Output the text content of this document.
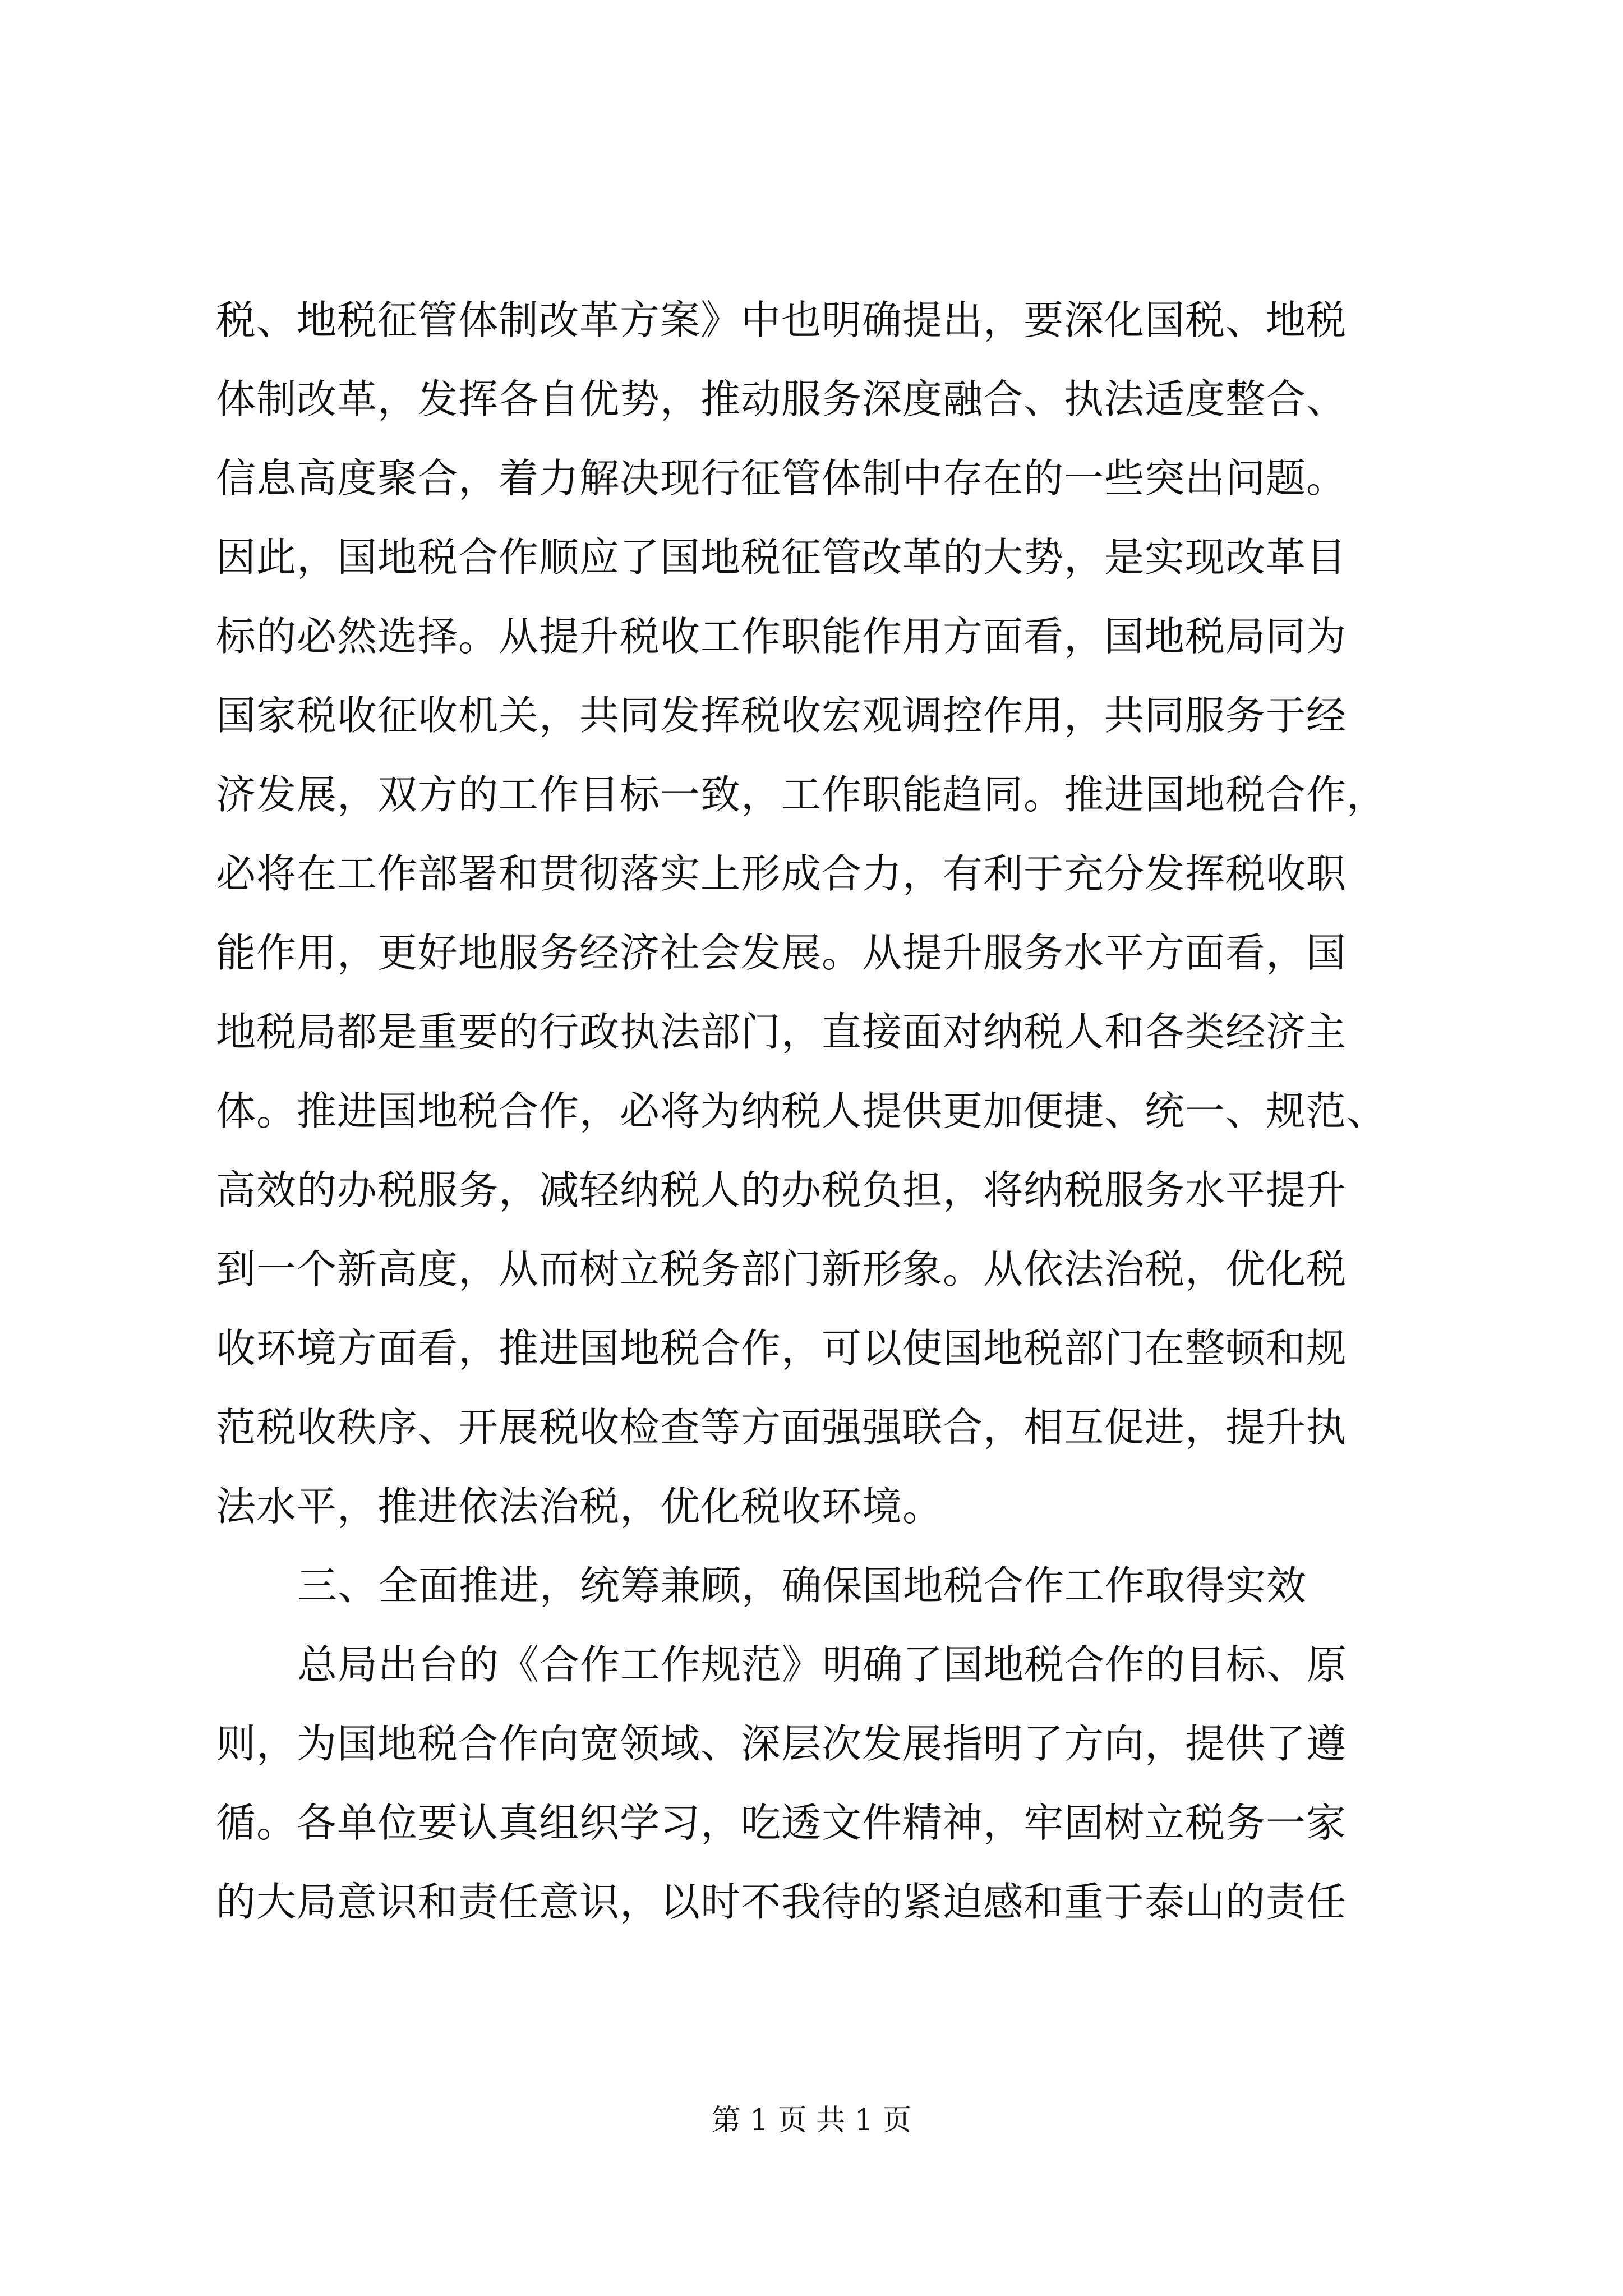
税、地税征管体制改革方案》中也明确提出，要深化国税、地税
体制改革，发挥各自优势，推动服务深度融合、执法适度整合、
信息高度聚合，着力解决现行征管体制中存在的一些突出问题。
因此，国地税合作顺应了国地税征管改革的大势，是实现改革目
标的必然选择。从提升税收工作职能作用方面看，国地税局同为
国家税收征收机关，共同发挥税收宏观调控作用，共同服务于经
济发展，双方的工作目标一致，工作职能趋同。推进国地税合作，
必将在工作部署和贯彻落实上形成合力，有利于充分发挥税收职
能作用，更好地服务经济社会发展。从提升服务水平方面看，国
地税局都是重要的行政执法部门，直接面对纳税人和各类经济主
体。推进国地税合作，必将为纳税人提供更加便捷、统一、规范、
高效的办税服务，减轻纳税人的办税负担，将纳税服务水平提升
到一个新高度，从而树立税务部门新形象。从依法治税，优化税
收环境方面看，推进国地税合作，可以使国地税部门在整顿和规
范税收秩序、开展税收检查等方面强强联合，相互促进，提升执
法水平，推进依法治税，优化税收环境。
三、全面推进，统筹兼顾，确保国地税合作工作取得实效
总局出台的《合作工作规范》明确了国地税合作的目标、原
则，为国地税合作向宽领域、深层次发展指明了方向，提供了遵
循。各单位要认真组织学习，吃透文件精神，牢固树立税务一家
的大局意识和责任意识，以时不我待的紧迫感和重于泰山的责任
第 1 页 共 1 页
